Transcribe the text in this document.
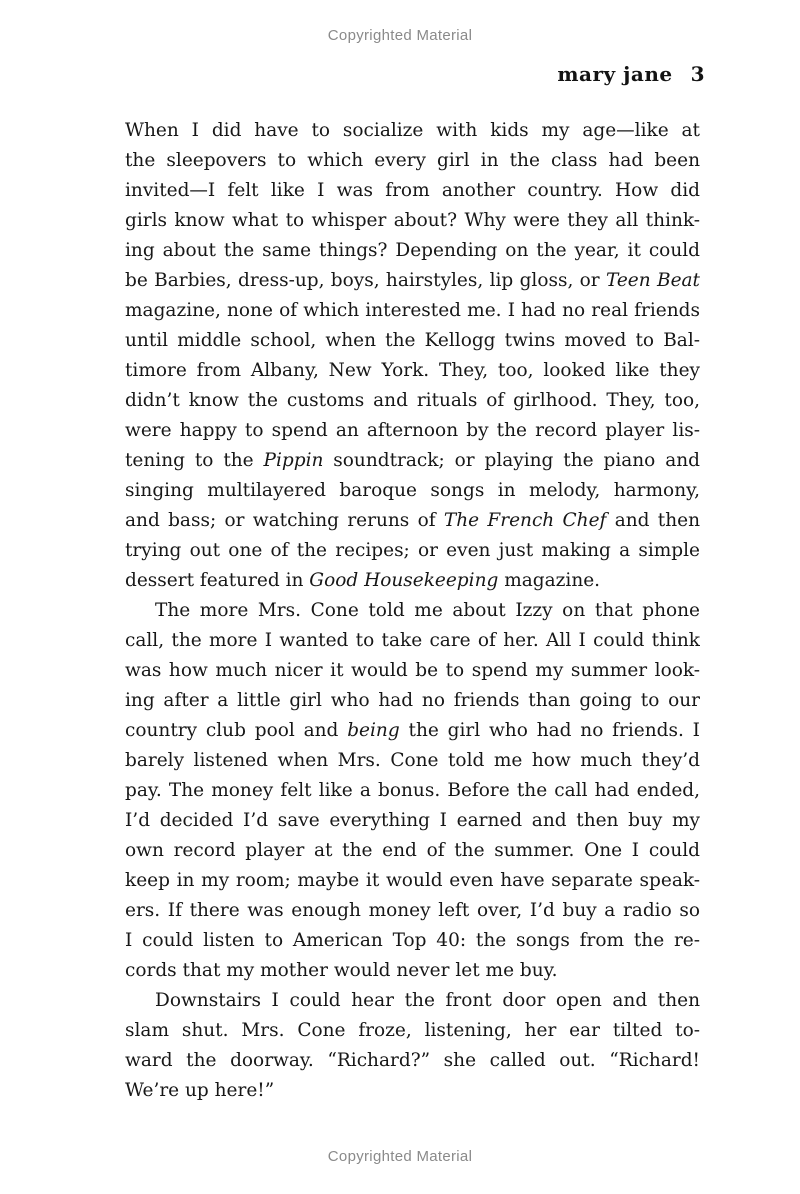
Copyrighted Material
mary jane 3
When I did have to socialize with kids my age—like at
the sleepovers to which every girl in the class had been
invited—I felt like I was from another country. How did
girls know what to whisper about? Why were they all think-
ing about the same things? Depending on the year, it could
be Barbies, dress-up, boys, hairstyles, lip gloss, or Teen Beat
magazine, none of which interested me. I had no real friends
until middle school, when the Kellogg twins moved to Bal-
timore from Albany, New York. They, too, looked like they
didn’t know the customs and rituals of girlhood. They, too,
were happy to spend an afternoon by the record player lis-
tening to the Pippin soundtrack; or playing the piano and
singing multilayered baroque songs in melody, harmony,
and bass; or watching reruns of The French Chef and then
trying out one of the recipes; or even just making a simple
dessert featured in Good Housekeeping magazine.
The more Mrs. Cone told me about Izzy on that phone
call, the more I wanted to take care of her. All I could think
was how much nicer it would be to spend my summer look-
ing after a little girl who had no friends than going to our
country club pool and being the girl who had no friends. I
barely listened when Mrs. Cone told me how much they’d
pay. The money felt like a bonus. Before the call had ended,
I’d decided I’d save everything I earned and then buy my
own record player at the end of the summer. One I could
keep in my room; maybe it would even have separate speak-
ers. If there was enough money left over, I’d buy a radio so
I could listen to American Top 40: the songs from the re-
cords that my mother would never let me buy.
Downstairs I could hear the front door open and then
slam shut. Mrs. Cone froze, listening, her ear tilted to-
ward the doorway. “Richard?” she called out. “Richard!
We’re up here!”
Copyrighted Material
